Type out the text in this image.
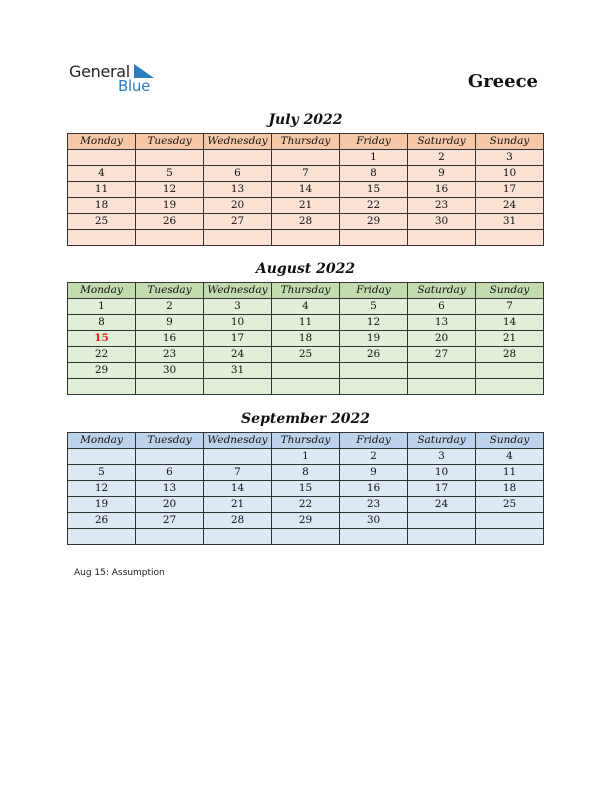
General
Blue	Greece
July 2022
Monday	Tuesday	Wednesday	Thursday	Friday	Saturday	Sunday
				1	2	3
4	5	6	7	8	9	10
11	12	13	14	15	16	17
18	19	20	21	22	23	24
25	26	27	28	29	30	31

August 2022
Monday	Tuesday	Wednesday	Thursday	Friday	Saturday	Sunday
1	2	3	4	5	6	7
8	9	10	11	12	13	14
15	16	17	18	19	20	21
22	23	24	25	26	27	28
29	30	31				

September 2022
Monday	Tuesday	Wednesday	Thursday	Friday	Saturday	Sunday
			1	2	3	4
5	6	7	8	9	10	11
12	13	14	15	16	17	18
19	20	21	22	23	24	25
26	27	28	29	30		

Aug 15: Assumption
